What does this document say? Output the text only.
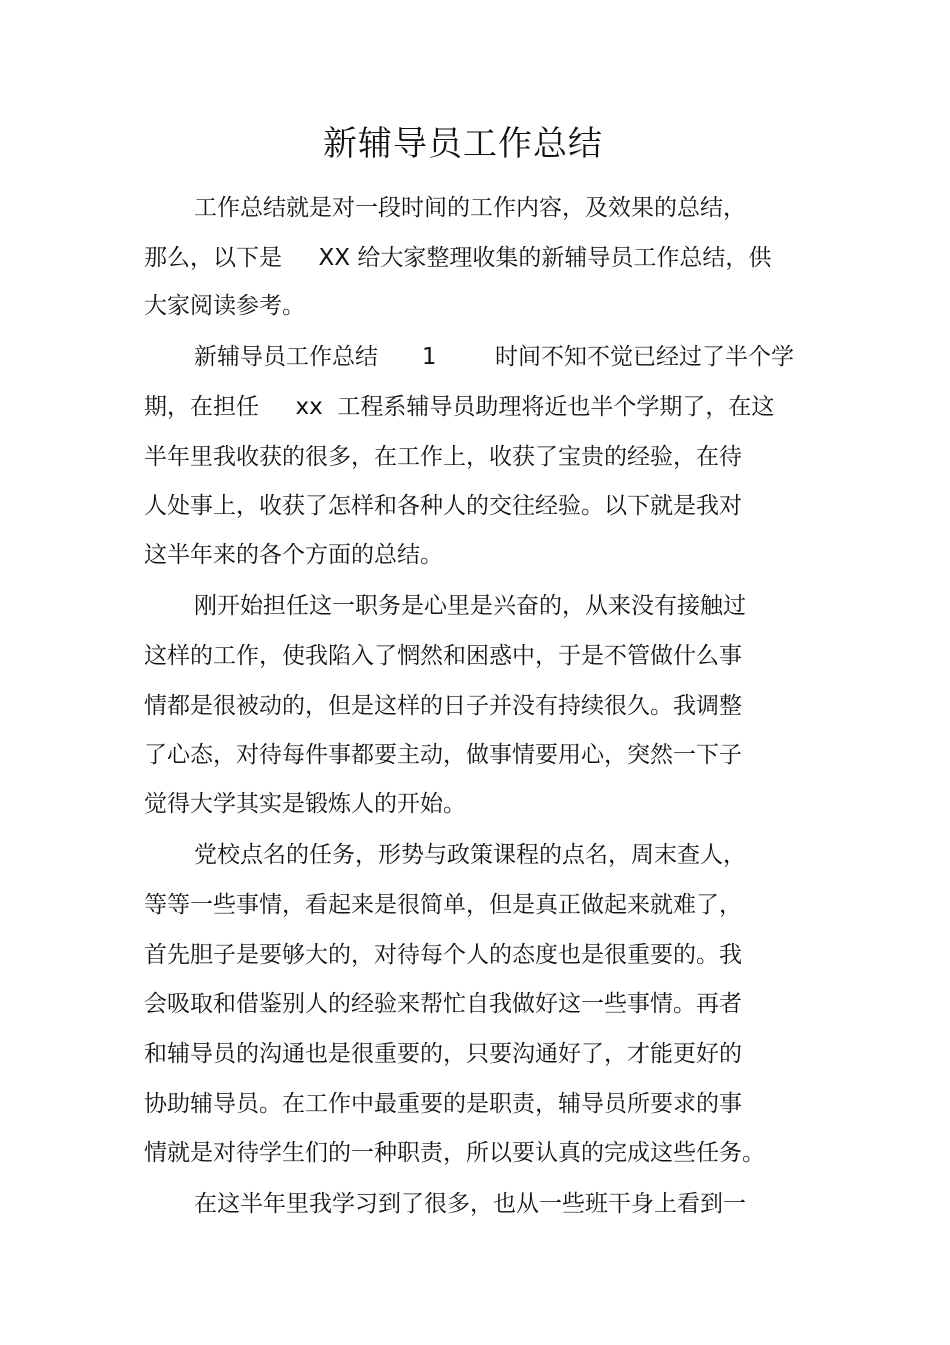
新辅导员工作总结

工作总结就是对一段时间的工作内容，及效果的总结，

那么，以下是     XX 给大家整理收集的新辅导员工作总结，供

大家阅读参考。

新辅导员工作总结      1        时间不知不觉已经过了半个学

期，在担任     xx  工程系辅导员助理将近也半个学期了，在这

半年里我收获的很多，在工作上，收获了宝贵的经验，在待

人处事上，收获了怎样和各种人的交往经验。以下就是我对

这半年来的各个方面的总结。

刚开始担任这一职务是心里是兴奋的，从来没有接触过

这样的工作，使我陷入了惘然和困惑中，于是不管做什么事

情都是很被动的，但是这样的日子并没有持续很久。我调整

了心态，对待每件事都要主动，做事情要用心，突然一下子

觉得大学其实是锻炼人的开始。

党校点名的任务，形势与政策课程的点名，周末查人，

等等一些事情，看起来是很简单，但是真正做起来就难了，

首先胆子是要够大的，对待每个人的态度也是很重要的。我

会吸取和借鉴别人的经验来帮忙自我做好这一些事情。再者

和辅导员的沟通也是很重要的，只要沟通好了，才能更好的

协助辅导员。在工作中最重要的是职责，辅导员所要求的事

情就是对待学生们的一种职责，所以要认真的完成这些任务。

在这半年里我学习到了很多，也从一些班干身上看到一
